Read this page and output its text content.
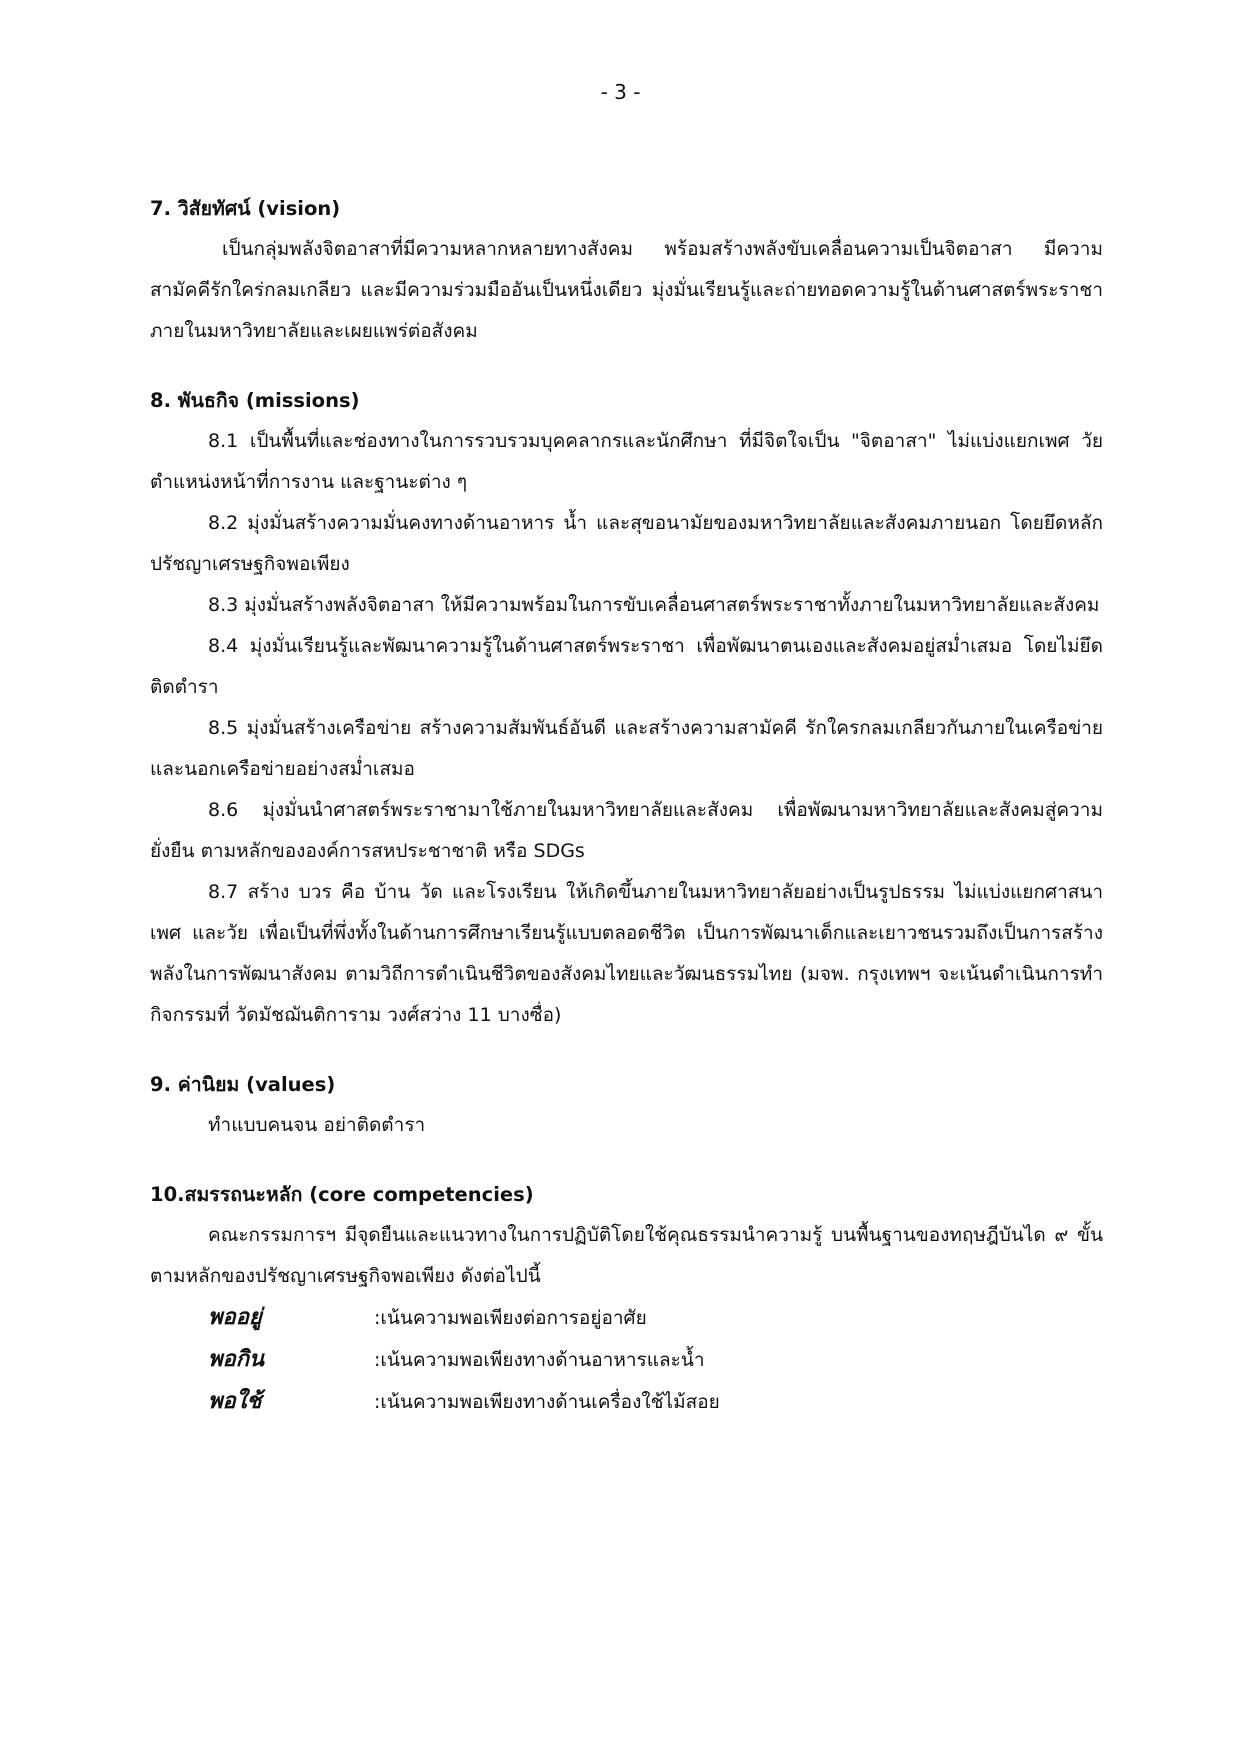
- 3 -

7. วิสัยทัศน์ (vision)

เป็นกลุ่มพลังจิตอาสาที่มีความหลากหลายทางสังคม พร้อมสร้างพลังขับเคลื่อนความเป็นจิตอาสา มีความสามัคคีรักใคร่กลมเกลียว และมีความร่วมมืออันเป็นหนึ่งเดียว มุ่งมั่นเรียนรู้และถ่ายทอดความรู้ในด้านศาสตร์พระราชา ภายในมหาวิทยาลัยและเผยแพร่ต่อสังคม

8. พันธกิจ (missions)

8.1 เป็นพื้นที่และช่องทางในการรวบรวมบุคคลากรและนักศึกษา ที่มีจิตใจเป็น "จิตอาสา" ไม่แบ่งแยกเพศ วัย ตำแหน่งหน้าที่การงาน และฐานะต่าง ๆ

8.2 มุ่งมั่นสร้างความมั่นคงทางด้านอาหาร น้ำ และสุขอนามัยของมหาวิทยาลัยและสังคมภายนอก โดยยึดหลักปรัชญาเศรษฐกิจพอเพียง

8.3 มุ่งมั่นสร้างพลังจิตอาสา ให้มีความพร้อมในการขับเคลื่อนศาสตร์พระราชาทั้งภายในมหาวิทยาลัยและสังคม

8.4 มุ่งมั่นเรียนรู้และพัฒนาความรู้ในด้านศาสตร์พระราชา เพื่อพัฒนาตนเองและสังคมอยู่สม่ำเสมอ โดยไม่ยึดติดตำรา

8.5 มุ่งมั่นสร้างเครือข่าย สร้างความสัมพันธ์อันดี และสร้างความสามัคคี รักใครกลมเกลียวกันภายในเครือข่าย และนอกเครือข่ายอย่างสม่ำเสมอ

8.6 มุ่งมั่นนำศาสตร์พระราชามาใช้ภายในมหาวิทยาลัยและสังคม เพื่อพัฒนามหาวิทยาลัยและสังคมสู่ความยั่งยืน ตามหลักขององค์การสหประชาชาติ หรือ SDGs

8.7 สร้าง บวร คือ บ้าน วัด และโรงเรียน ให้เกิดขึ้นภายในมหาวิทยาลัยอย่างเป็นรูปธรรม ไม่แบ่งแยกศาสนา เพศ และวัย เพื่อเป็นที่พึ่งทั้งในด้านการศึกษาเรียนรู้แบบตลอดชีวิต เป็นการพัฒนาเด็กและเยาวชนรวมถึงเป็นการสร้างพลังในการพัฒนาสังคม ตามวิถีการดำเนินชีวิตของสังคมไทยและวัฒนธรรมไทย (มจพ. กรุงเทพฯ จะเน้นดำเนินการทำกิจกรรมที่ วัดมัชฌันติการาม วงศ์สว่าง 11 บางซื่อ)

9. ค่านิยม (values)

ทำแบบคนจน อย่าติดตำรา

10.สมรรถนะหลัก (core competencies)

คณะกรรมการฯ มีจุดยืนและแนวทางในการปฏิบัติโดยใช้คุณธรรมนำความรู้ บนพื้นฐานของทฤษฎีบันได ๙ ขั้น ตามหลักของปรัชญาเศรษฐกิจพอเพียง ดังต่อไปนี้

พออยู่	:เน้นความพอเพียงต่อการอยู่อาศัย
พอกิน	:เน้นความพอเพียงทางด้านอาหารและน้ำ
พอใช้	:เน้นความพอเพียงทางด้านเครื่องใช้ไม้สอย
